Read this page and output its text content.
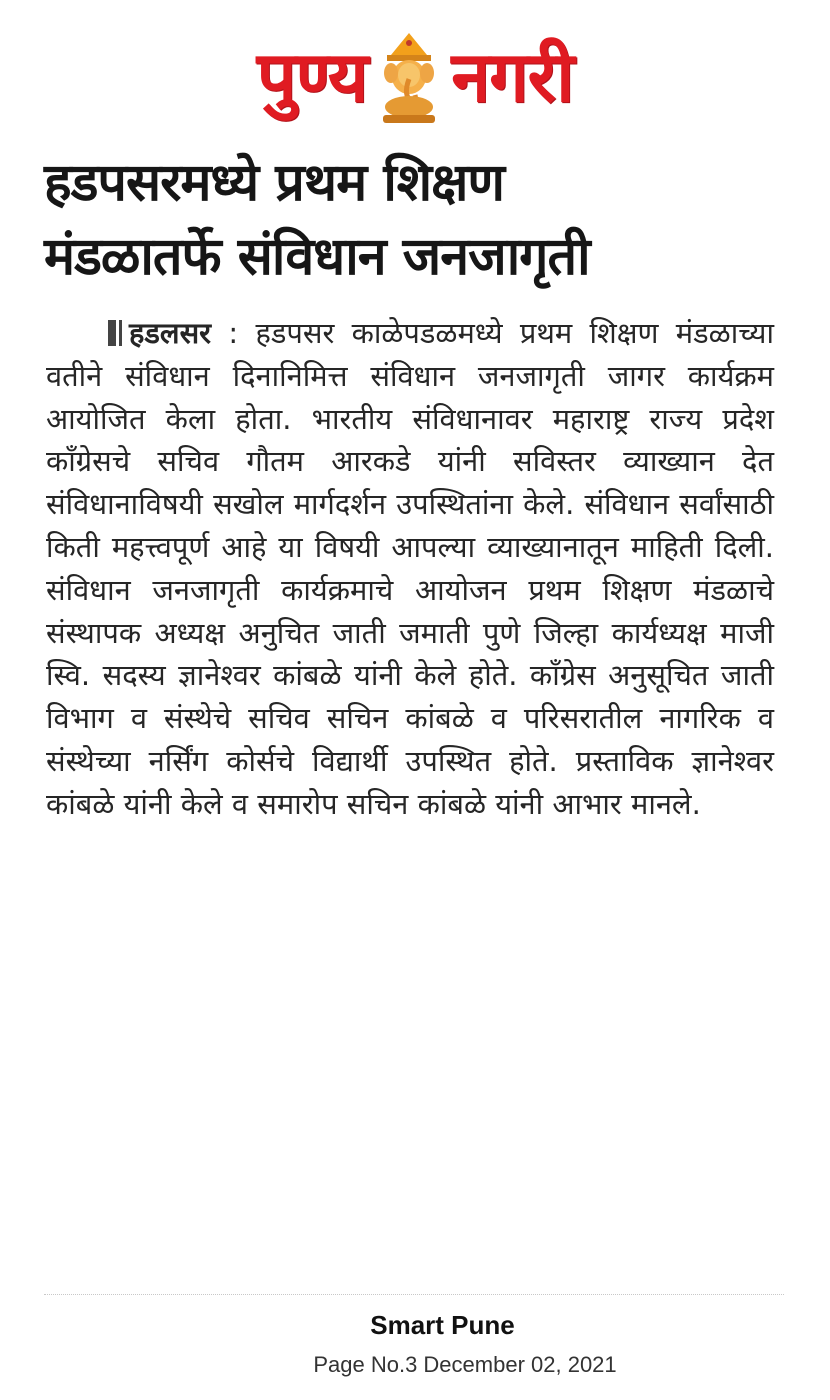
पुण्य नगरी
हडपसरमध्ये प्रथम शिक्षण
मंडळातर्फे संविधान जनजागृती
हडलसर : हडपसर काळेपडळमध्ये प्रथम शिक्षण मंडळाच्या वतीने संविधान दिनानिमित्त संविधान जनजागृती जागर कार्यक्रम आयोजित केला होता. भारतीय संविधानावर महाराष्ट्र राज्य प्रदेश कॉंग्रेसचे सचिव गौतम आरकडे यांनी सविस्तर व्याख्यान देत संविधानाविषयी सखोल मार्गदर्शन उपस्थितांना केले. संविधान सर्वांसाठी किती महत्त्वपूर्ण आहे या विषयी आपल्या व्याख्यानातून माहिती दिली. संविधान जनजागृती कार्यक्रमाचे आयोजन प्रथम शिक्षण मंडळाचे संस्थापक अध्यक्ष अनुचित जाती जमाती पुणे जिल्हा कार्यध्यक्ष माजी स्वि. सदस्य ज्ञानेश्वर कांबळे यांनी केले होते. कॉंग्रेस अनुसूचित जाती विभाग व संस्थेचे सचिव सचिन कांबळे व परिसरातील नागरिक व संस्थेच्या नर्सिंग कोर्सचे विद्यार्थी उपस्थित होते. प्रस्ताविक ज्ञानेश्वर कांबळे यांनी केले व समारोप सचिन कांबळे यांनी आभार मानले.
Smart Pune
Page No.3 December 02, 2021
